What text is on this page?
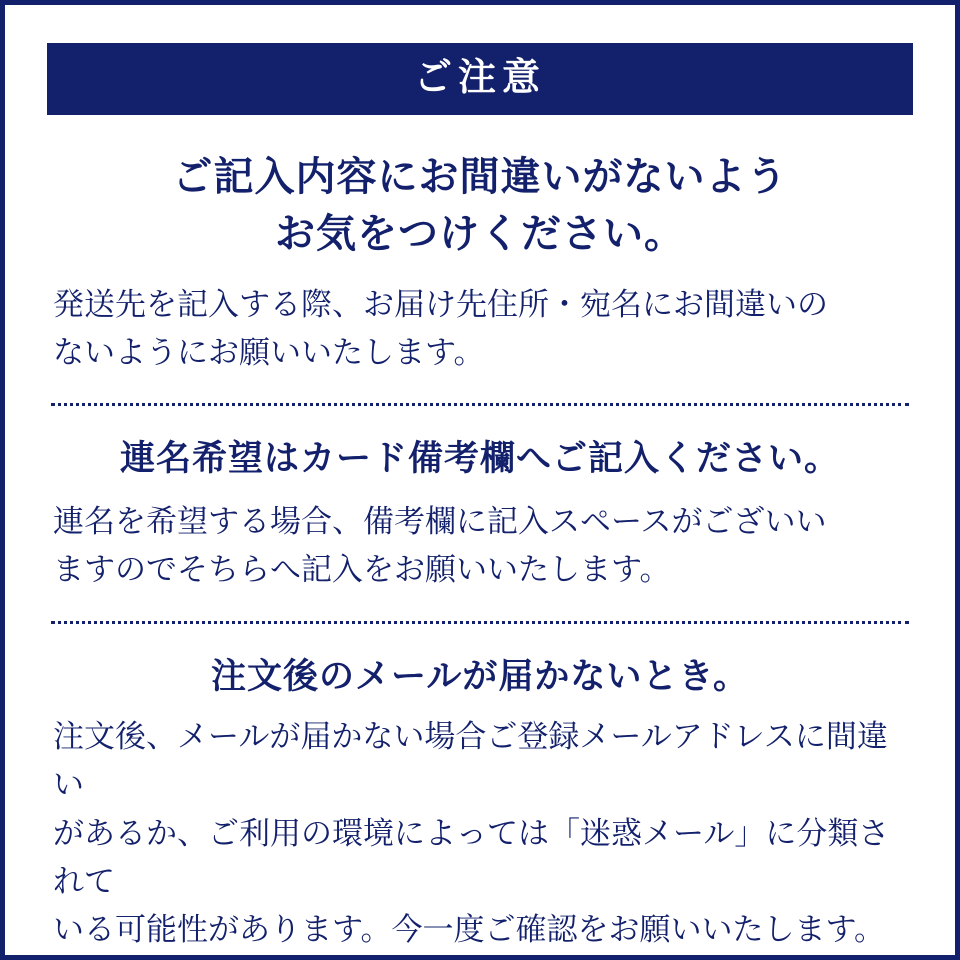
ご注意
ご記入内容にお間違いがないよう
お気をつけください。
発送先を記入する際、お届け先住所・宛名にお間違いの
ないようにお願いいたします。
連名希望はカード備考欄へご記入ください。
連名を希望する場合、備考欄に記入スペースがございい
ますのでそちらへ記入をお願いいたします。
注文後のメールが届かないとき。
注文後、メールが届かない場合ご登録メールアドレスに間違い
があるか、ご利用の環境によっては「迷惑メール」に分類されて
いる可能性があります。今一度ご確認をお願いいたします。
